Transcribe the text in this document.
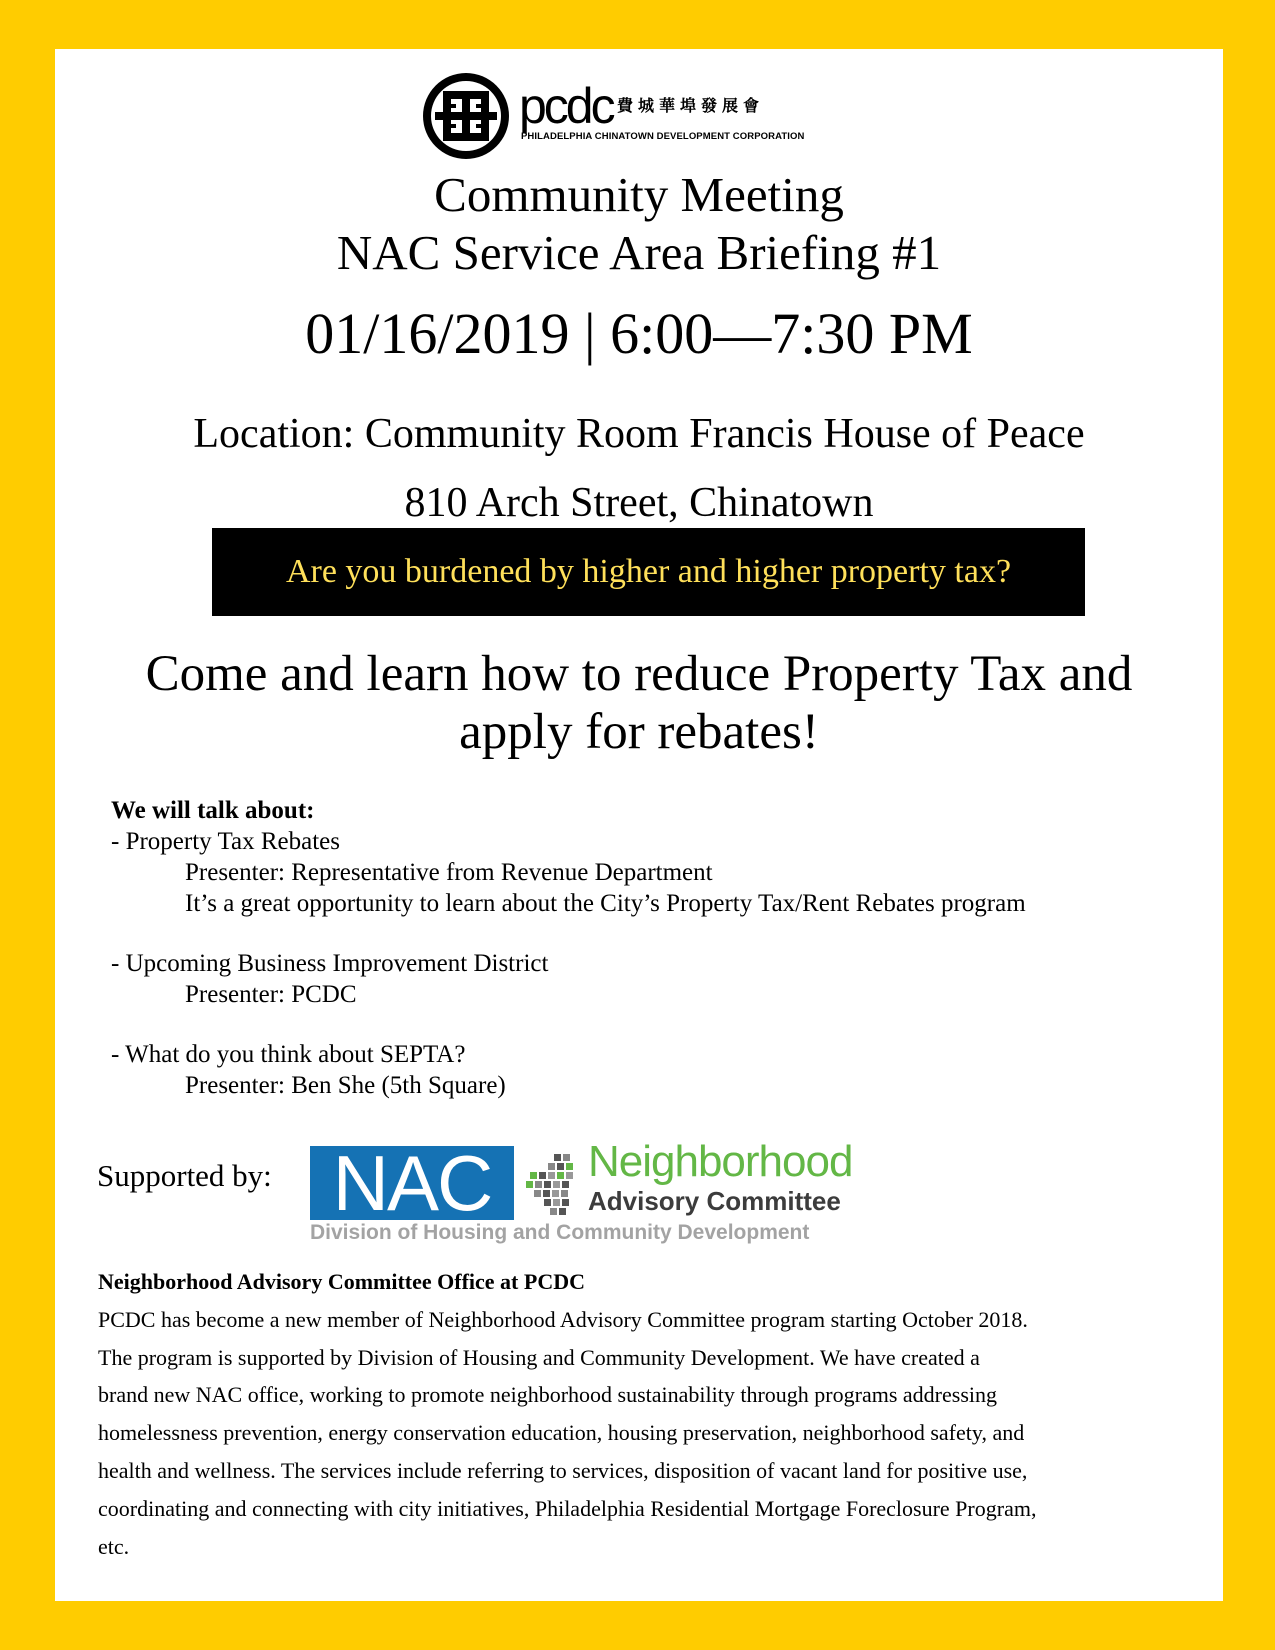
pcdc 費城華埠發展會
PHILADELPHIA CHINATOWN DEVELOPMENT CORPORATION
Community Meeting
NAC Service Area Briefing #1
01/16/2019 | 6:00—7:30 PM
Location: Community Room Francis House of Peace
810 Arch Street, Chinatown
Are you burdened by higher and higher property tax?
Come and learn how to reduce Property Tax and
apply for rebates!
We will talk about:
- Property Tax Rebates
Presenter: Representative from Revenue Department
It’s a great opportunity to learn about the City’s Property Tax/Rent Rebates program
- Upcoming Business Improvement District
Presenter: PCDC
- What do you think about SEPTA?
Presenter: Ben She (5th Square)
Supported by: NAC	Neighborhood
Advisory Committee
Division of Housing and Community Development
Neighborhood Advisory Committee Office at PCDC
PCDC has become a new member of Neighborhood Advisory Committee program starting October 2018.
The program is supported by Division of Housing and Community Development. We have created a
brand new NAC office, working to promote neighborhood sustainability through programs addressing
homelessness prevention, energy conservation education, housing preservation, neighborhood safety, and
health and wellness. The services include referring to services, disposition of vacant land for positive use,
coordinating and connecting with city initiatives, Philadelphia Residential Mortgage Foreclosure Program,
etc.
